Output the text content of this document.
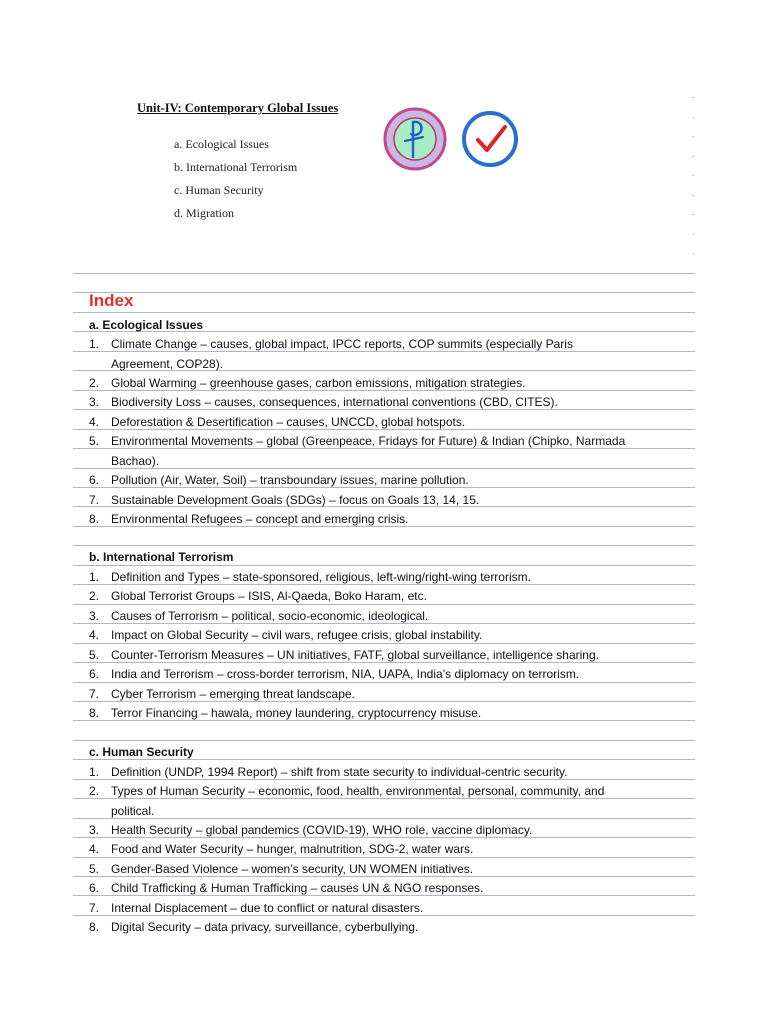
Unit-IV: Contemporary Global Issues
a. Ecological Issues
b. International Terrorism
c. Human Security
d. Migration
.
.
.
.
.
.
.
.
.
Index
a. Ecological Issues
1. Climate Change – causes, global impact, IPCC reports, COP summits (especially Paris
Agreement, COP28).
2. Global Warming – greenhouse gases, carbon emissions, mitigation strategies.
3. Biodiversity Loss – causes, consequences, international conventions (CBD, CITES).
4. Deforestation & Desertification – causes, UNCCD, global hotspots.
5. Environmental Movements – global (Greenpeace, Fridays for Future) & Indian (Chipko, Narmada
Bachao).
6. Pollution (Air, Water, Soil) – transboundary issues, marine pollution.
7. Sustainable Development Goals (SDGs) – focus on Goals 13, 14, 15.
8. Environmental Refugees – concept and emerging crisis.
b. International Terrorism
1. Definition and Types – state-sponsored, religious, left-wing/right-wing terrorism.
2. Global Terrorist Groups – ISIS, Al-Qaeda, Boko Haram, etc.
3. Causes of Terrorism – political, socio-economic, ideological.
4. Impact on Global Security – civil wars, refugee crisis, global instability.
5. Counter-Terrorism Measures – UN initiatives, FATF, global surveillance, intelligence sharing.
6. India and Terrorism – cross-border terrorism, NIA, UAPA, India’s diplomacy on terrorism.
7. Cyber Terrorism – emerging threat landscape.
8. Terror Financing – hawala, money laundering, cryptocurrency misuse.
c. Human Security
1. Definition (UNDP, 1994 Report) – shift from state security to individual-centric security.
2. Types of Human Security – economic, food, health, environmental, personal, community, and
political.
3. Health Security – global pandemics (COVID-19), WHO role, vaccine diplomacy.
4. Food and Water Security – hunger, malnutrition, SDG-2, water wars.
5. Gender-Based Violence – women’s security, UN WOMEN initiatives.
6. Child Trafficking & Human Trafficking – causes UN & NGO responses.
7. Internal Displacement – due to conflict or natural disasters.
8. Digital Security – data privacy, surveillance, cyberbullying.
